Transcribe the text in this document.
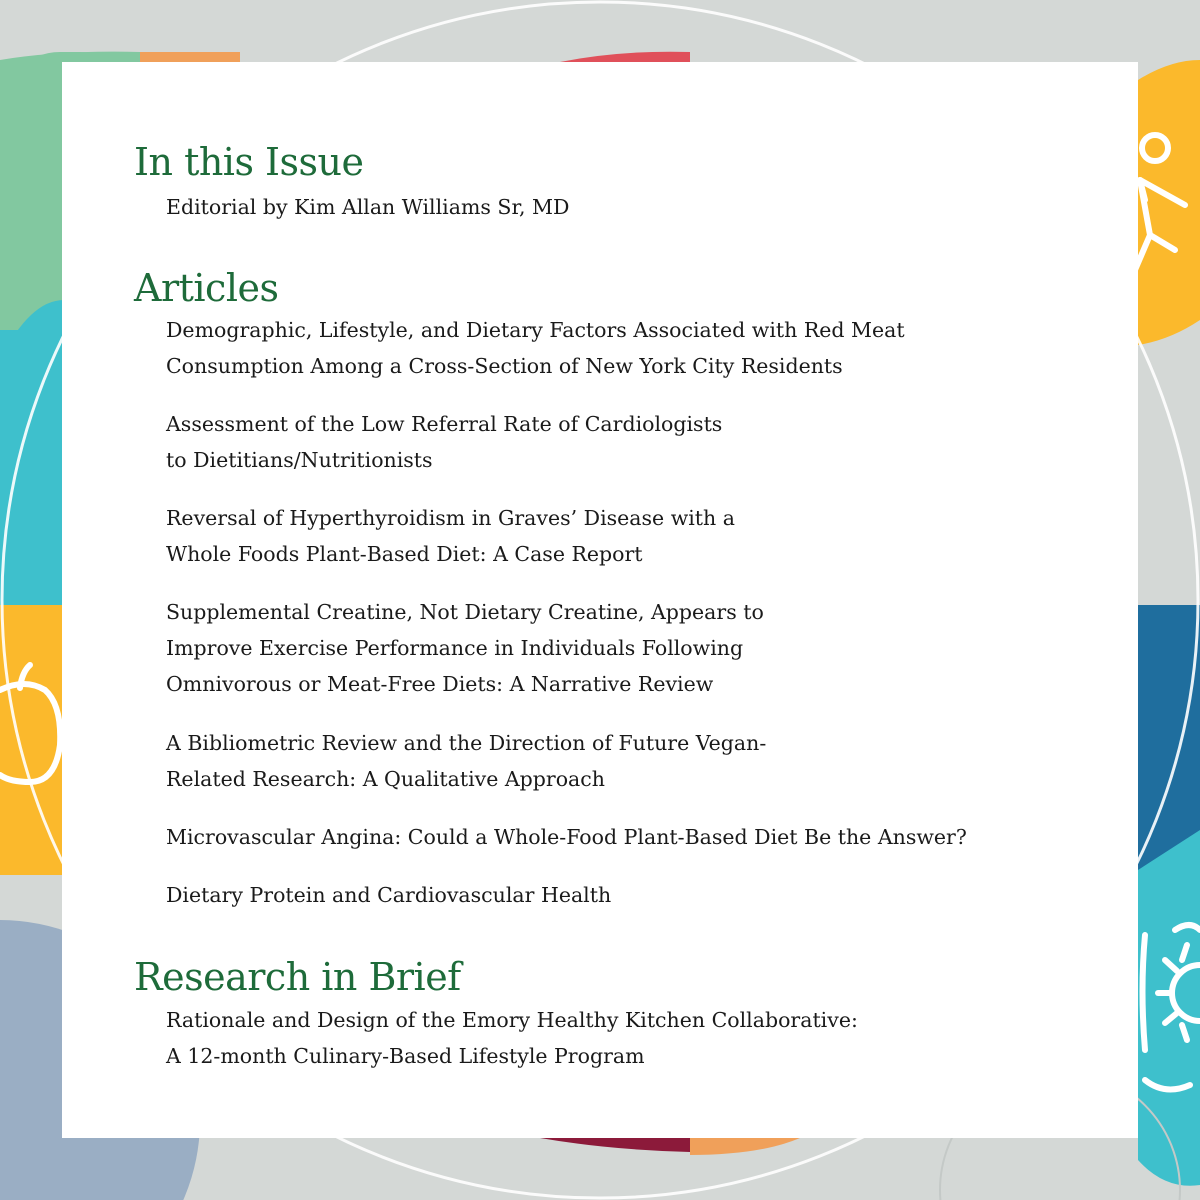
In this Issue

Editorial by Kim Allan Williams Sr, MD

Articles

Demographic, Lifestyle, and Dietary Factors Associated with Red Meat
Consumption Among a Cross-Section of New York City Residents

Assessment of the Low Referral Rate of Cardiologists
to Dietitians/Nutritionists

Reversal of Hyperthyroidism in Graves’ Disease with a
Whole Foods Plant-Based Diet: A Case Report

Supplemental Creatine, Not Dietary Creatine, Appears to
Improve Exercise Performance in Individuals Following
Omnivorous or Meat-Free Diets: A Narrative Review

A Bibliometric Review and the Direction of Future Vegan-
Related Research: A Qualitative Approach

Microvascular Angina: Could a Whole-Food Plant-Based Diet Be the Answer?

Dietary Protein and Cardiovascular Health

Research in Brief

Rationale and Design of the Emory Healthy Kitchen Collaborative:
A 12-month Culinary-Based Lifestyle Program
